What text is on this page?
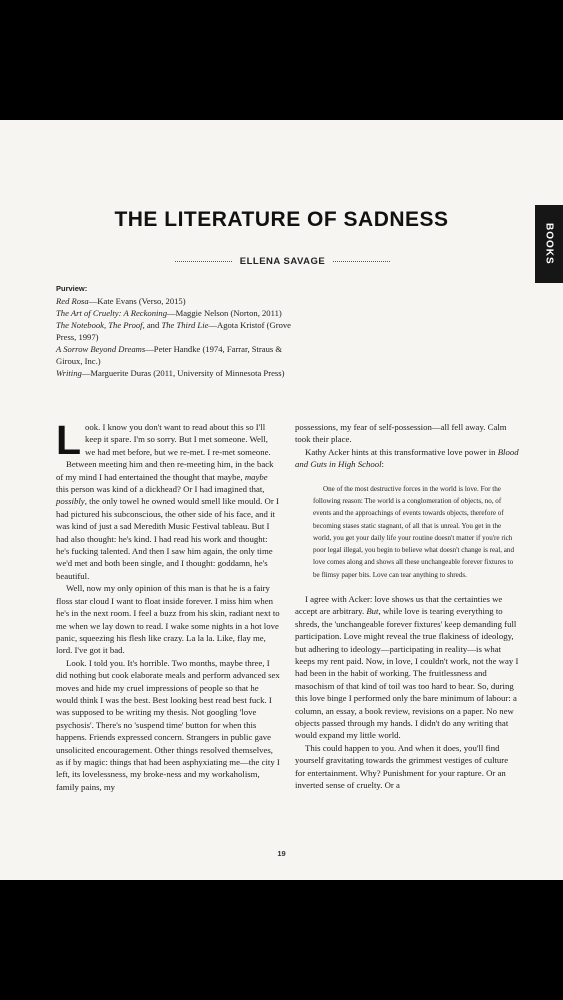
BOOKS
THE LITERATURE OF SADNESS
ELLENA SAVAGE
Purview:
Red Rosa—Kate Evans (Verso, 2015)
The Art of Cruelty: A Reckoning—Maggie Nelson (Norton, 2011)
The Notebook, The Proof, and The Third Lie—Agota Kristof (Grove Press, 1997)
A Sorrow Beyond Dreams—Peter Handke (1974, Farrar, Straus & Giroux, Inc.)
Writing—Marguerite Duras (2011, University of Minnesota Press)

Look. I know you don't want to read about this so I'll keep it spare. I'm so sorry. But I met someone. Well, we had met before, but we re-met. I re-met someone.

Between meeting him and then re-meeting him, in the back of my mind I had entertained the thought that maybe, maybe this person was kind of a dickhead? Or I had imagined that, possibly, the only towel he owned would smell like mould. Or I had pictured his subconscious, the other side of his face, and it was kind of just a sad Meredith Music Festival tableau. But I had also thought: he's kind. I had read his work and thought: he's fucking talented. And then I saw him again, the only time we'd met and both been single, and I thought: goddamn, he's beautiful.

Well, now my only opinion of this man is that he is a fairy floss star cloud I want to float inside forever. I miss him when he's in the next room. I feel a buzz from his skin, radiant next to me when we lay down to read. I wake some nights in a hot love panic, squeezing his flesh like crazy. La la la. Like, flay me, lord. I've got it bad.

Look. I told you. It's horrible. Two months, maybe three, I did nothing but cook elaborate meals and perform advanced sex moves and hide my cruel impressions of people so that he would think I was the best. Best looking best read best fuck. I was supposed to be writing my thesis. Not googling 'love psychosis'. There's no 'suspend time' button for when this happens. Friends expressed concern. Strangers in public gave unsolicited encouragement. Other things resolved themselves, as if by magic: things that had been asphyxiating me—the city I left, its lovelessness, my broke-ness and my workaholism, family pains, my

possessions, my fear of self-possession—all fell away. Calm took their place.

Kathy Acker hints at this transformative love power in Blood and Guts in High School:

One of the most destructive forces in the world is love. For the following reason: The world is a conglomeration of objects, no, of events and the approachings of events towards objects, therefore of becoming stases static stagnant, of all that is unreal. You get in the world, you get your daily life your routine doesn't matter if you're rich poor legal illegal, you begin to believe what doesn't change is real, and love comes along and shows all these unchangeable forever fixtures to be flimsy paper bits. Love can tear anything to shreds.

I agree with Acker: love shows us that the certainties we accept are arbitrary. But, while love is tearing everything to shreds, the 'unchangeable forever fixtures' keep demanding full participation. Love might reveal the true flakiness of ideology, but adhering to ideology—participating in reality—is what keeps my rent paid. Now, in love, I couldn't work, not the way I had been in the habit of working. The fruitlessness and masochism of that kind of toil was too hard to bear. So, during this love binge I performed only the bare minimum of labour: a column, an essay, a book review, revisions on a paper. No new objects passed through my hands. I didn't do any writing that would expand my little world.

This could happen to you. And when it does, you'll find yourself gravitating towards the grimmest vestiges of culture for entertainment. Why? Punishment for your rapture. Or an inverted sense of cruelty. Or a

19
